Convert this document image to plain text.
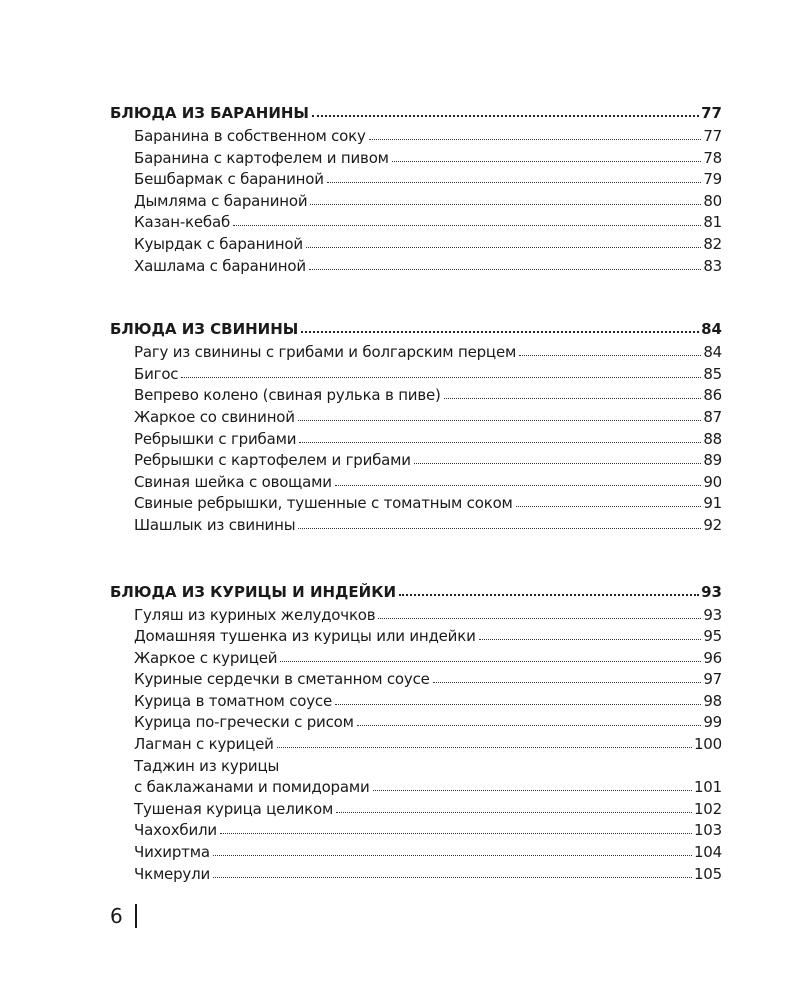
БЛЮДА ИЗ БАРАНИНЫ	77
Баранина в собственном соку	77
Баранина с картофелем и пивом	78
Бешбармак с бараниной	79
Дымляма с бараниной	80
Казан-кебаб	81
Куырдак с бараниной	82
Хашлама с бараниной	83
БЛЮДА ИЗ СВИНИНЫ	84
Рагу из свинины с грибами и болгарским перцем	84
Бигос	85
Вепрево колено (свиная рулька в пиве)	86
Жаркое со свининой	87
Ребрышки с грибами	88
Ребрышки с картофелем и грибами	89
Свиная шейка с овощами	90
Свиные ребрышки, тушенные с томатным соком	91
Шашлык из свинины	92
БЛЮДА ИЗ КУРИЦЫ И ИНДЕЙКИ	93
Гуляш из куриных желудочков	93
Домашняя тушенка из курицы или индейки	95
Жаркое с курицей	96
Куриные сердечки в сметанном соусе	97
Курица в томатном соусе	98
Курица по-гречески с рисом	99
Лагман с курицей	100
Таджин из курицы
с баклажанами и помидорами	101
Тушеная курица целиком	102
Чахохбили	103
Чихиртма	104
Чкмерули	105
6
